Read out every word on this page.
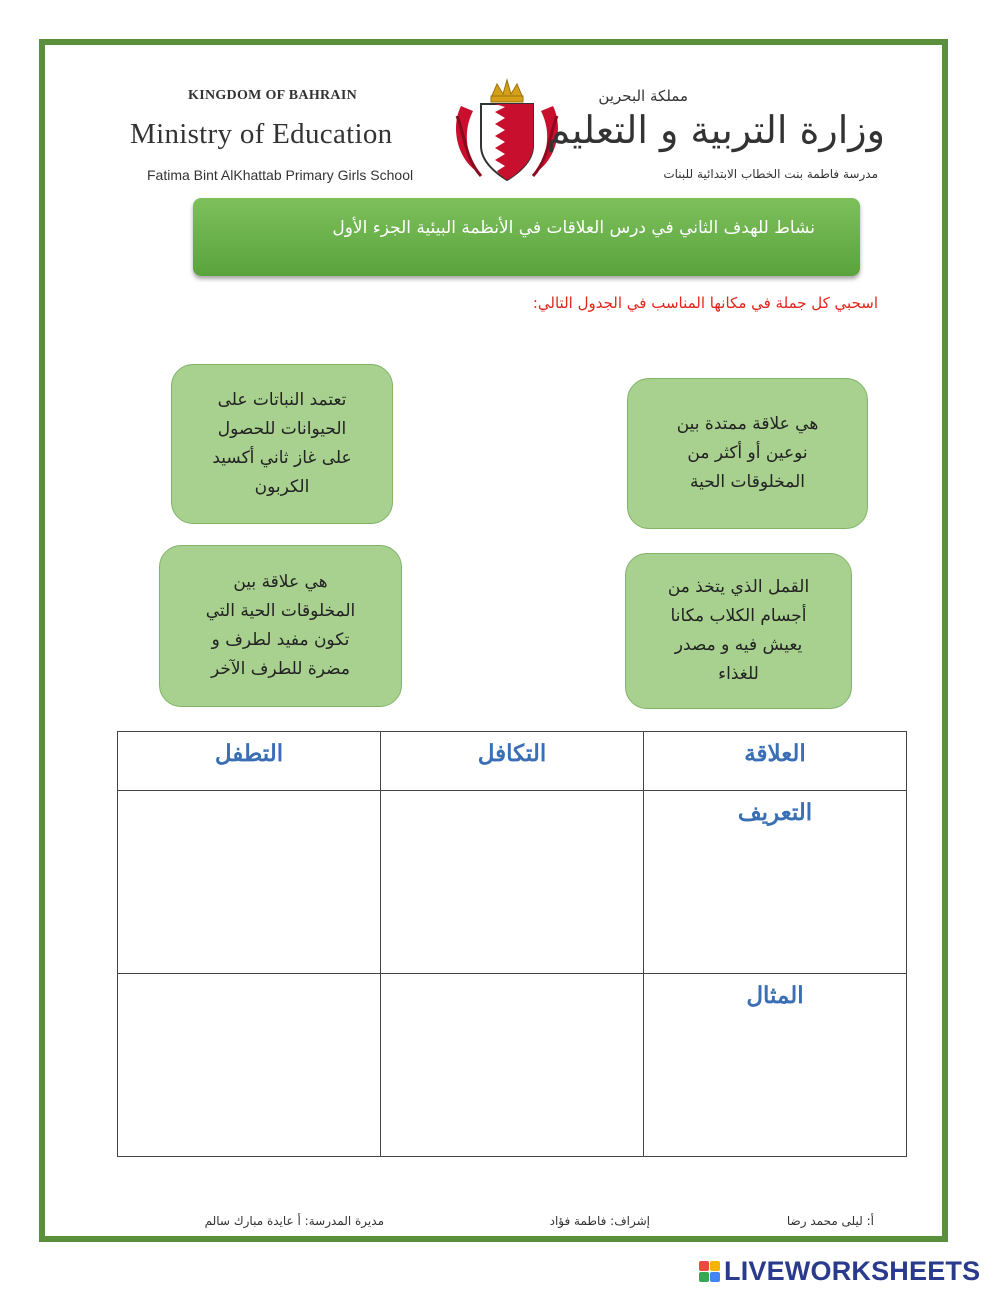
KINGDOM OF BAHRAIN
Ministry of Education
Fatima Bint AlKhattab Primary Girls School
مملكة البحرين
وزارة التربية و التعليم
مدرسة فاطمة بنت الخطاب الابتدائية للبنات
نشاط للهدف الثاني في درس العلاقات في الأنظمة البيئية الجزء الأول
اسحبي كل جملة في مكانها المناسب في الجدول التالي:
تعتمد النباتات على
الحيوانات للحصول
على غاز ثاني أكسيد
الكربون
هي علاقة ممتدة بين
نوعين أو أكثر من
المخلوقات الحية
هي علاقة بين
المخلوقات الحية التي
تكون مفيد لطرف و
مضرة للطرف الآخر
القمل الذي يتخذ من
أجسام الكلاب مكانا
يعيش فيه و مصدر
للغذاء
التطفل	التكافل	العلاقة

		التعريف

		المثال
أ: ليلى محمد رضا
إشراف: فاطمة فؤاد
مديرة المدرسة: أ عايدة مبارك سالم
LIVEWORKSHEETS
